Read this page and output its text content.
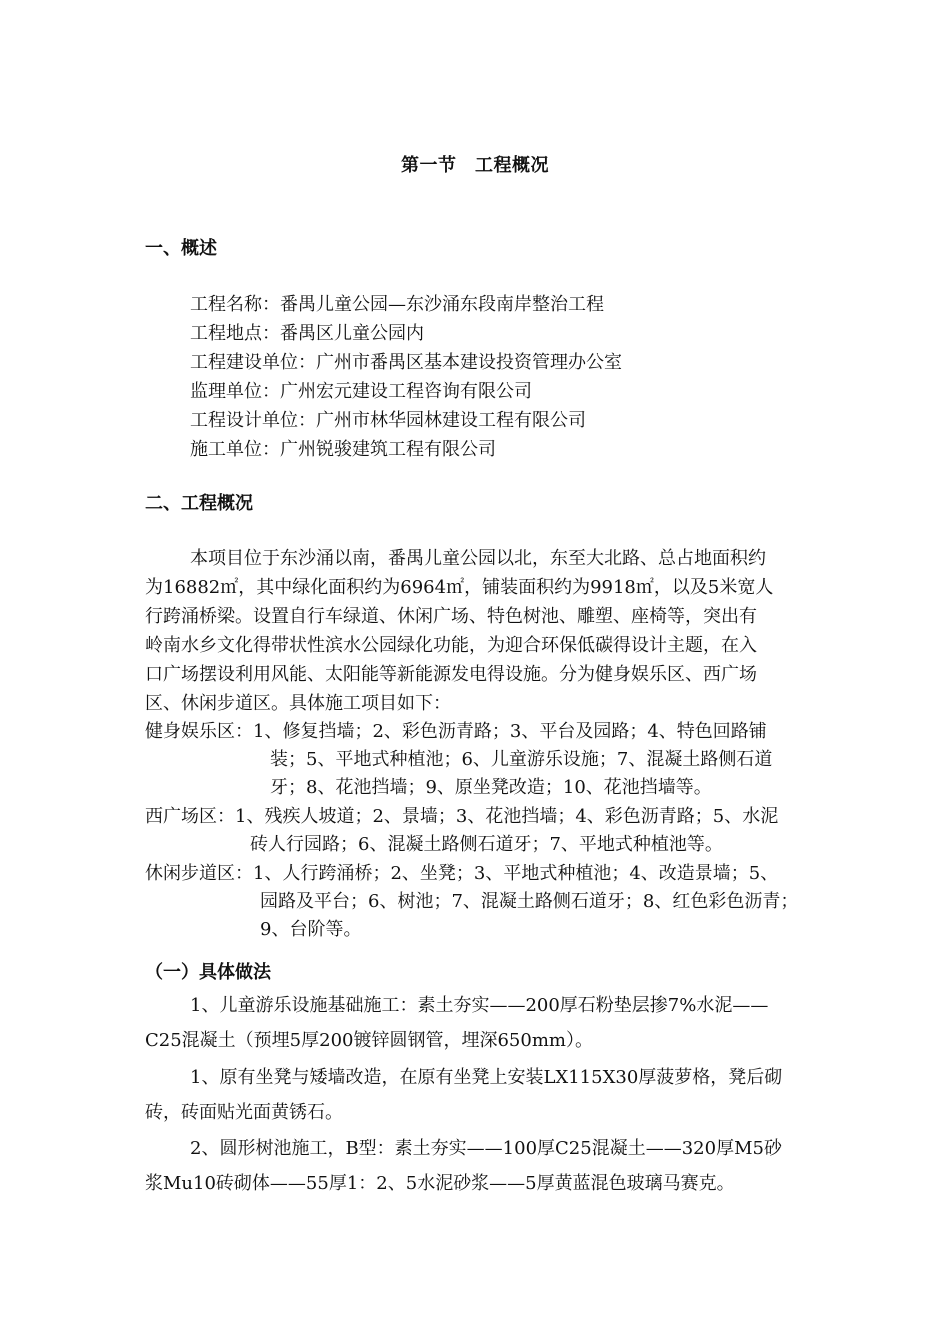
第一节　工程概况
一、概述
工程名称：番禺儿童公园—东沙涌东段南岸整治工程
工程地点：番禺区儿童公园内
工程建设单位：广州市番禺区基本建设投资管理办公室
监理单位：广州宏元建设工程咨询有限公司
工程设计单位：广州市林华园林建设工程有限公司
施工单位：广州锐骏建筑工程有限公司
二、工程概况
本项目位于东沙涌以南，番禺儿童公园以北，东至大北路、总占地面积约
为16882㎡，其中绿化面积约为6964㎡，铺装面积约为9918㎡，以及5米宽人
行跨涌桥梁。设置自行车绿道、休闲广场、特色树池、雕塑、座椅等，突出有
岭南水乡文化得带状性滨水公园绿化功能，为迎合环保低碳得设计主题，在入
口广场摆设利用风能、太阳能等新能源发电得设施。分为健身娱乐区、西广场
区、休闲步道区。具体施工项目如下：
健身娱乐区： 1、修复挡墙；2、彩色沥青路；3、平台及园路；4、特色回路铺
装；5、平地式种植池；6、儿童游乐设施；7、混凝土路侧石道
牙；8、花池挡墙；9、原坐凳改造；10、花池挡墙等。
西广场区： 1、残疾人坡道；2、景墙；3、花池挡墙；4、彩色沥青路；5、水泥
砖人行园路；6、混凝土路侧石道牙；7、平地式种植池等。
休闲步道区： 1、人行跨涌桥；2、坐凳；3、平地式种植池；4、改造景墙；5、
园路及平台；6、树池；7、混凝土路侧石道牙；8、红色彩色沥青；
9、台阶等。
（一）具体做法
1、儿童游乐设施基础施工：素土夯实——200厚石粉垫层掺7%水泥——
C25混凝土（预埋5厚200镀锌圆钢管，埋深650mm）。
1、原有坐凳与矮墙改造，在原有坐凳上安装LX115X30厚菠萝格，凳后砌
砖，砖面贴光面黄锈石。
2、圆形树池施工，B型：素土夯实——100厚C25混凝土——320厚M5砂
浆Mu10砖砌体——55厚1：2、5水泥砂浆——5厚黄蓝混色玻璃马赛克。
